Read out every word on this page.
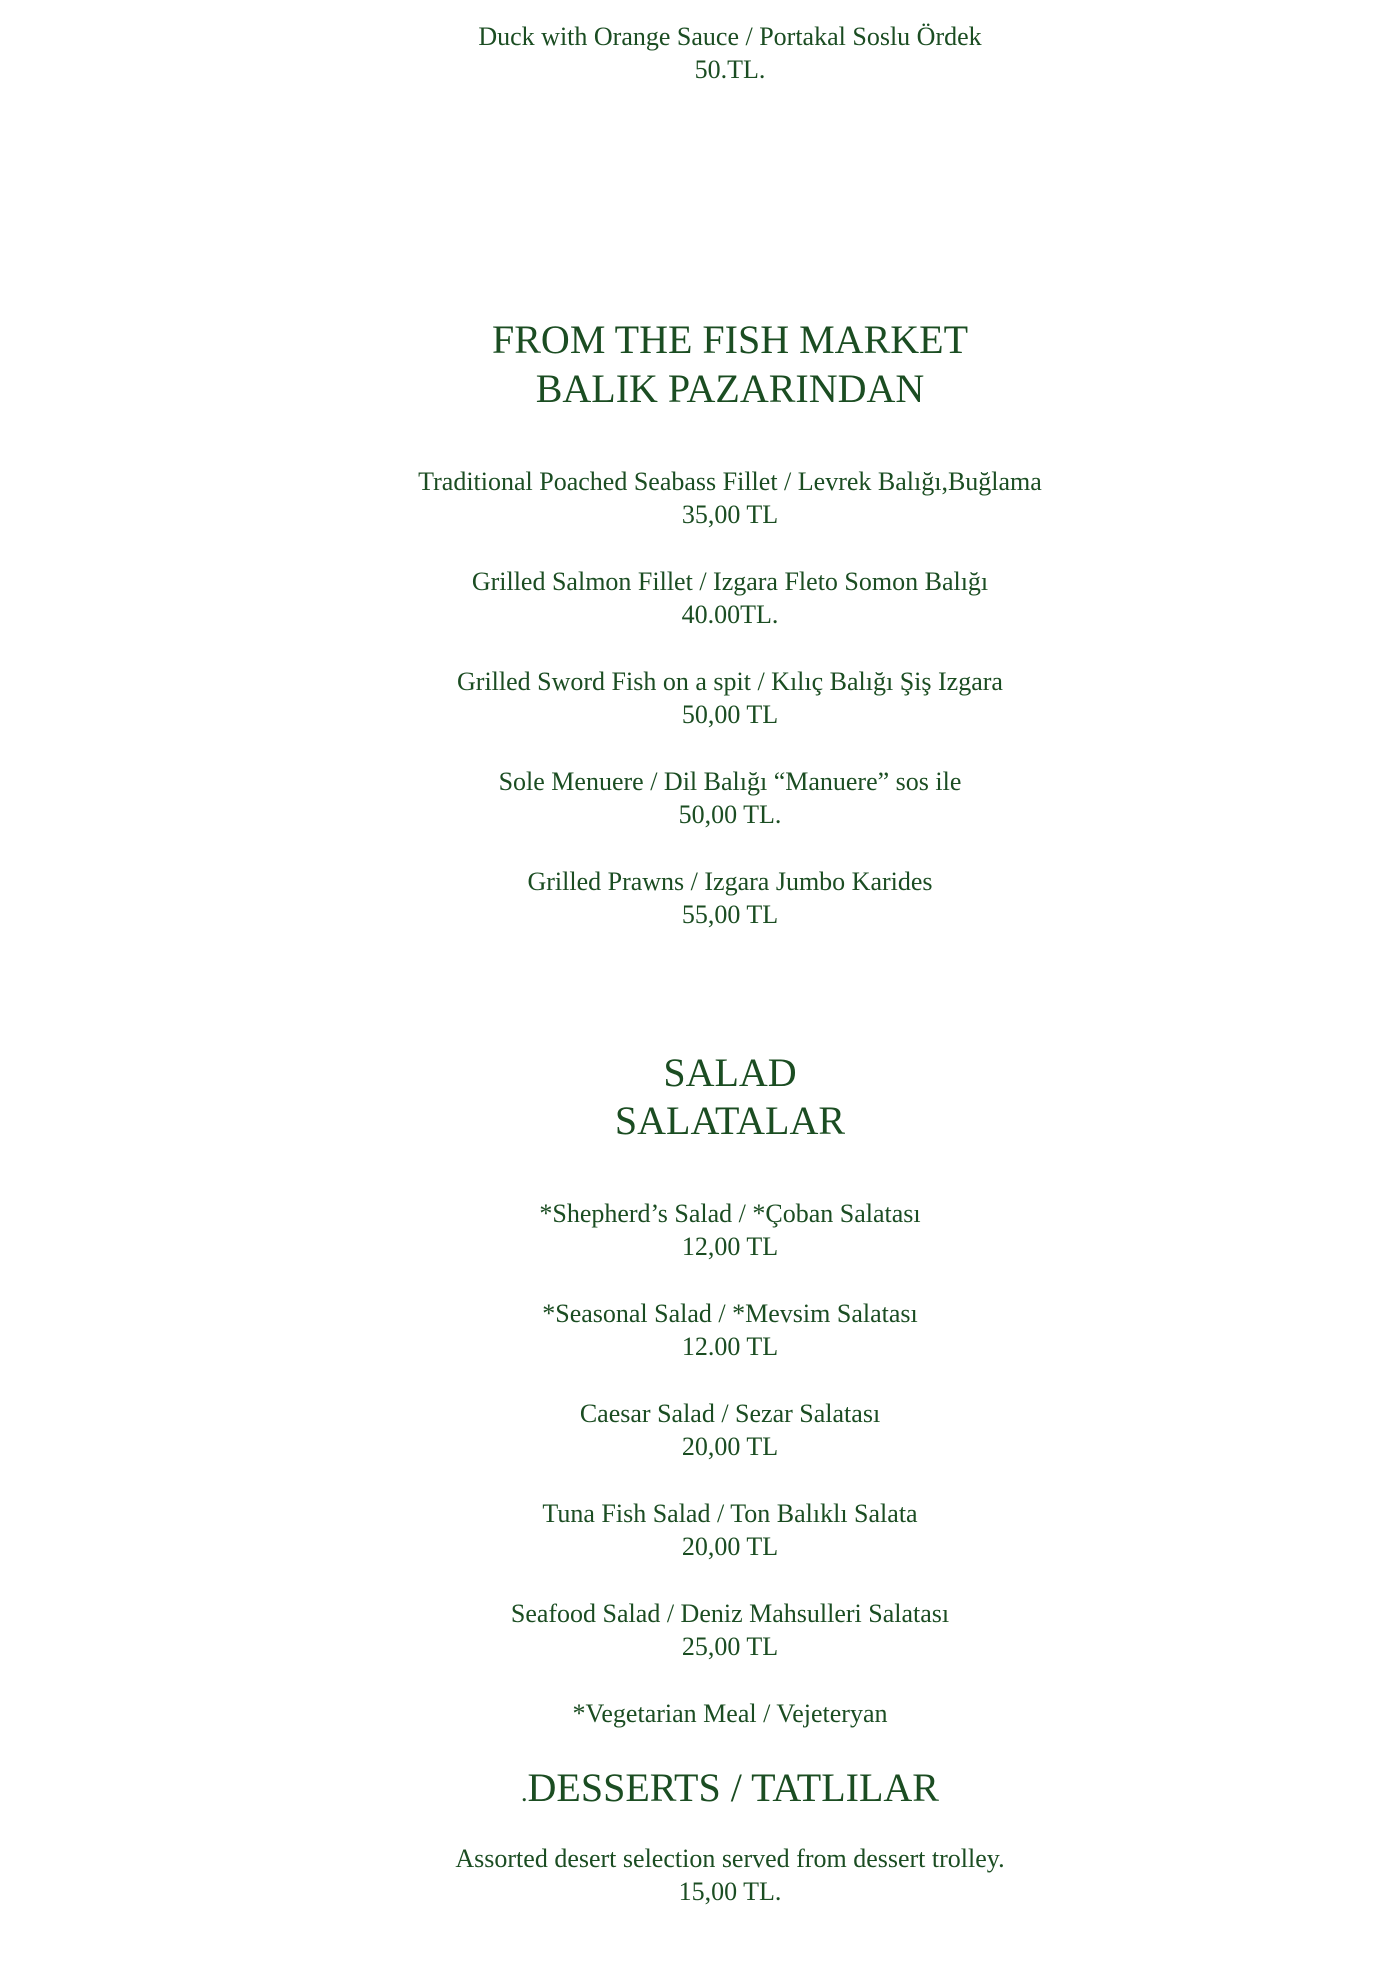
Duck with Orange Sauce / Portakal Soslu Ördek
50.TL.
FROM THE FISH MARKET
BALIK PAZARINDAN
Traditional Poached Seabass Fillet / Levrek Balığı,Buğlama
35,00 TL
Grilled Salmon Fillet / Izgara Fleto Somon Balığı
40.00TL.
Grilled Sword Fish on a spit / Kılıç Balığı Şiş Izgara
50,00 TL
Sole Menuere / Dil Balığı “Manuere” sos ile
50,00 TL.
Grilled Prawns / Izgara Jumbo Karides
55,00 TL
SALAD
SALATALAR
*Shepherd’s Salad / *Çoban Salatası
12,00 TL
*Seasonal Salad / *Mevsim Salatası
12.00 TL
Caesar Salad / Sezar Salatası
20,00 TL
Tuna Fish Salad / Ton Balıklı Salata
20,00 TL
Seafood Salad / Deniz Mahsulleri Salatası
25,00 TL
*Vegetarian Meal / Vejeteryan
.DESSERTS / TATLILAR
Assorted desert selection served from dessert trolley.
15,00 TL.
